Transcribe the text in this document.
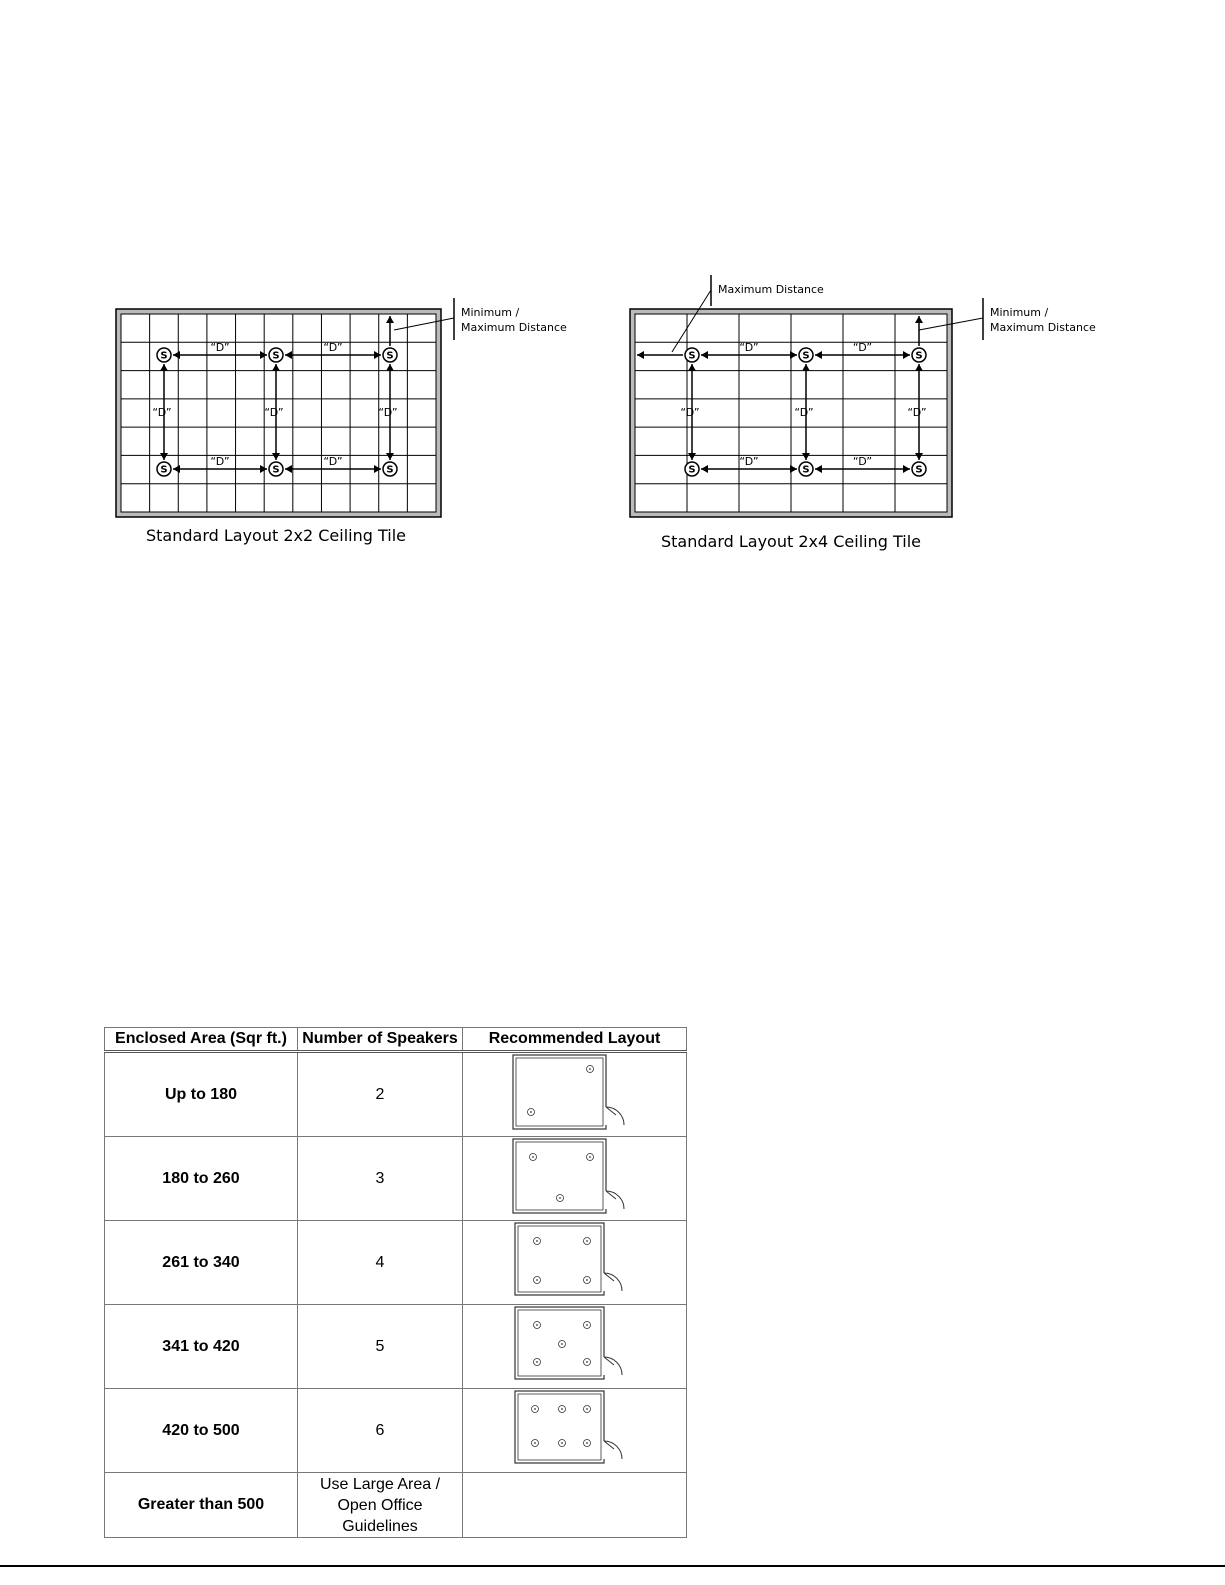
“D”	“D”
“D”	“D”
“D”	“D”	“D”
S	S	S
S	S	S
Minimum /
Maximum Distance
Standard Layout 2x2 Ceiling Tile
“D”	“D”
“D”	“D”
“D”	“D”	“D”
S	S	S
S	S	S
Maximum Distance
Minimum /
Maximum Distance
Standard Layout 2x4 Ceiling Tile
Enclosed Area (Sqr ft.)	Number of Speakers	Recommended Layout
Up to 180	2	
180 to 260	3	
261 to 340	4	
341 to 420	5	
420 to 500	6	
Greater than 500	Use Large Area /
Open Office
Guidelines	
